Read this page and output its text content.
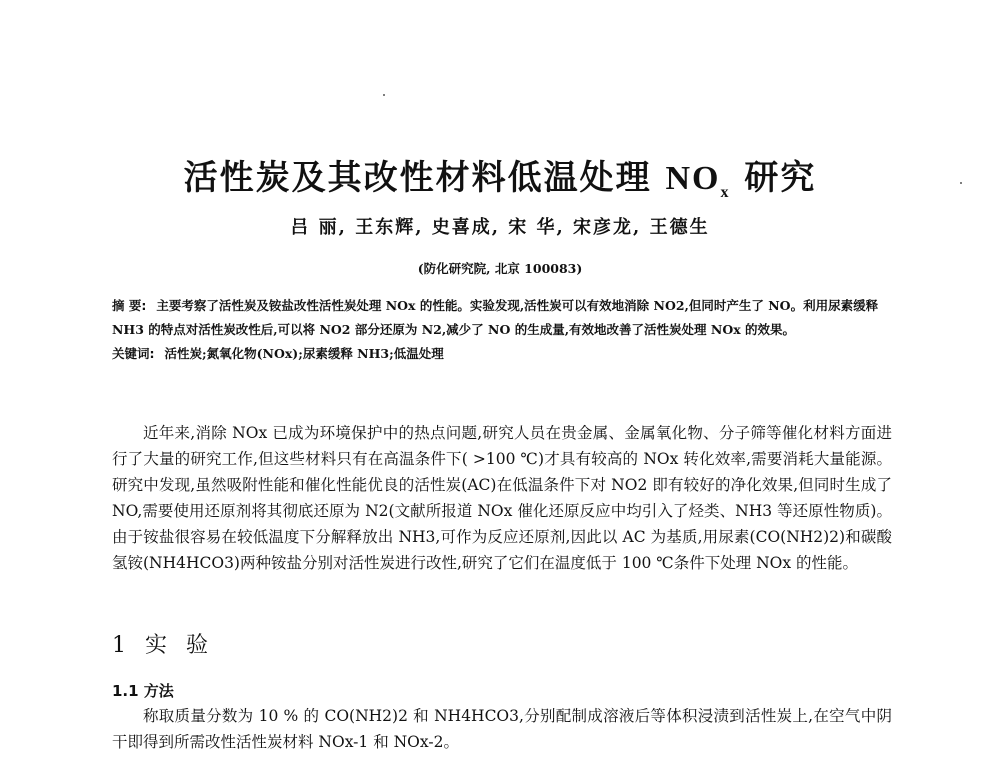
活性炭及其改性材料低温处理 $NO_x$ 研究
吕 丽, 王东辉, 史喜成, 宋 华, 宋彦龙, 王德生
(防化研究院, 北京 100083)

摘 要: 主要考察了活性炭及铵盐改性活性炭处理 NOx 的性能。实验发现,活性炭可以有效地消除 NO2,但同时产生了 NO。利用尿素缓释 NH3 的特点对活性炭改性后,可以将 NO2 部分还原为 N2,减少了 NO 的生成量,有效地改善了活性炭处理 NOx 的效果。

关键词: 活性炭;氮氧化物(NOx);尿素缓释 NH3;低温处理

近年来,消除 NOx 已成为环境保护中的热点问题,研究人员在贵金属、金属氧化物、分子筛等催化材料方面进行了大量的研究工作,但这些材料只有在高温条件下( >100 ℃)才具有较高的 NOx 转化效率,需要消耗大量能源。研究中发现,虽然吸附性能和催化性能优良的活性炭(AC)在低温条件下对 NO2 即有较好的净化效果,但同时生成了 NO,需要使用还原剂将其彻底还原为 N2(文献所报道 NOx 催化还原反应中均引入了烃类、NH3 等还原性物质)。由于铵盐很容易在较低温度下分解释放出 NH3,可作为反应还原剂,因此以 AC 为基质,用尿素(CO(NH2)2)和碳酸氢铵(NH4HCO3)两种铵盐分别对活性炭进行改性,研究了它们在温度低于 100 ℃条件下处理 NOx 的性能。

1 实 验
1.1 方法

称取质量分数为 10 % 的 CO(NH2)2 和 NH4HCO3,分别配制成溶液后等体积浸渍到活性炭上,在空气中阴干即得到所需改性活性炭材料 NOx-1 和 NOx-2。
